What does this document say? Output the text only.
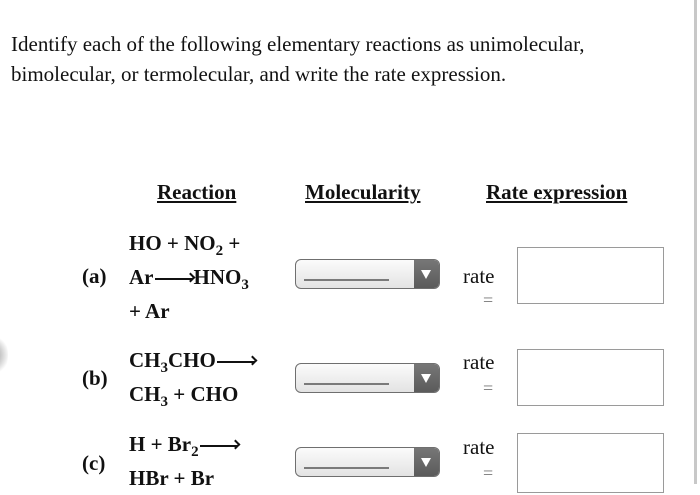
Identify each of the following elementary reactions as unimolecular, bimolecular, or termolecular, and write the rate expression.
Reaction	Molecularity	Rate expression
(a)
HO + $NO_2$ +
Ar $HNO_3$
+ Ar
rate
=
(b)
$CH_3CHO$
$CH_3$ + CHO
rate
=
(c)
$H + Br_2$
HBr + Br
rate
=
